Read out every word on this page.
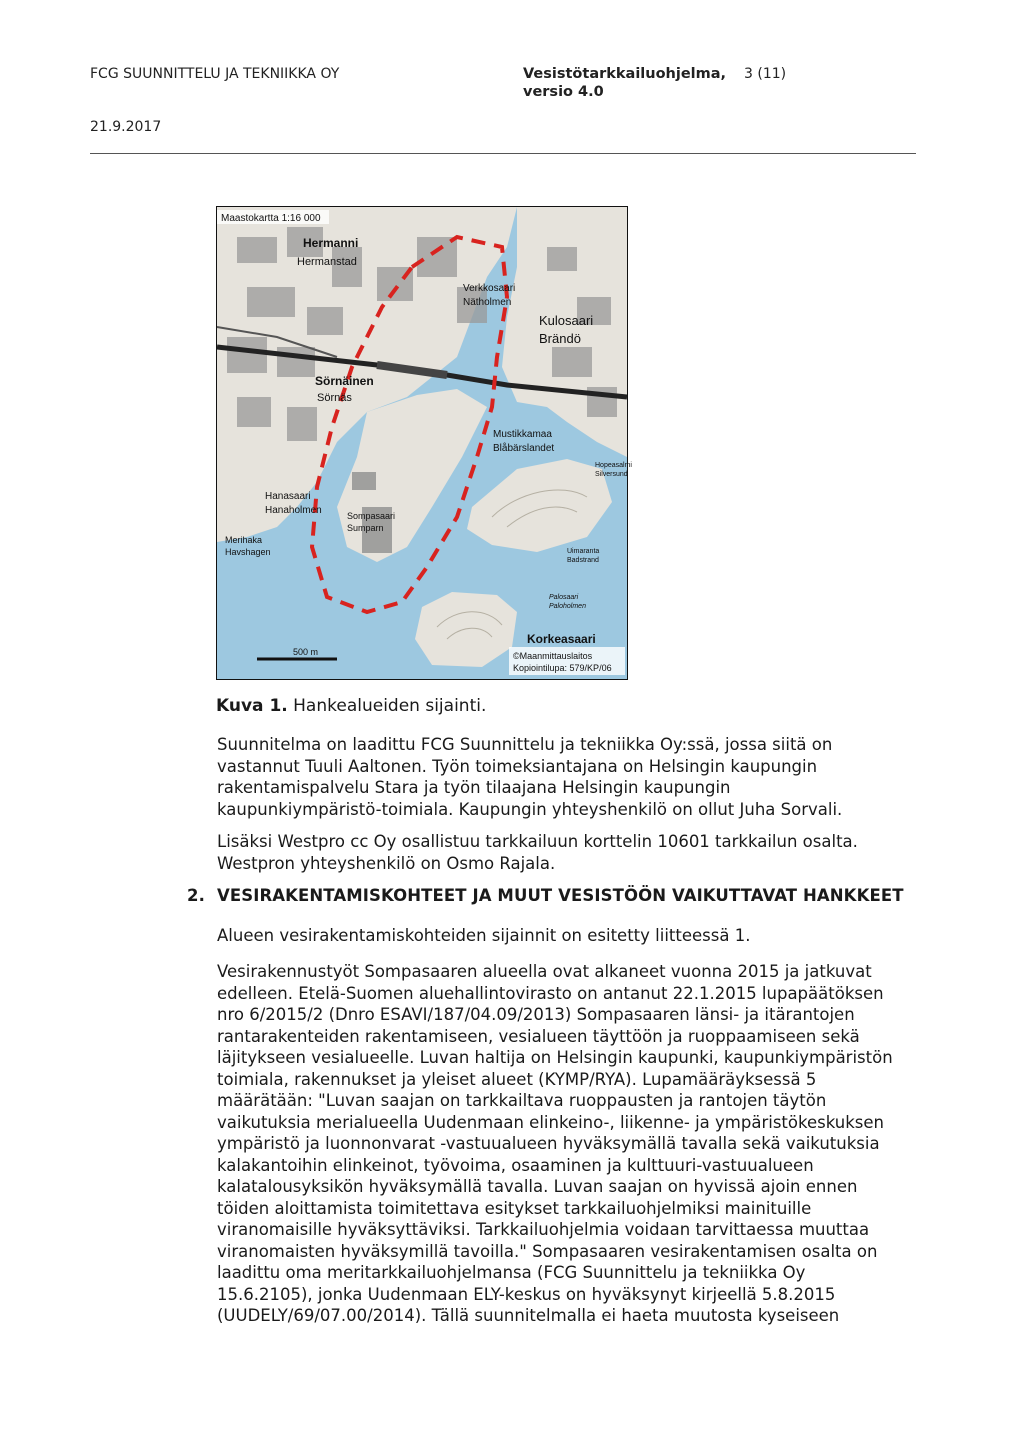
FCG SUUNNITTELU JA TEKNIIKKA OY	Vesistötarkkailuohjelma,
versio 4.0
3 (11)
21.9.2017
Maastokartta 1:16 000
Hermanni
Hermanstad
Verkkosaari
Nätholmen
Kulosaari
Brändö
Sörnäinen
Sörnäs
Mustikkamaa
Blåbärslandet
Hanasaari
Hanaholmen	Sompasaari
Sumparn
Merihaka
Havshagen	Uimaranta
Badstrand
Palosaari
Paloholmen
Hopeasalmi
Silversund
Korkeasaari
©Maanmittauslaitos
Kopiointilupa: 579/KP/06
500 m
Kuva 1. Hankealueiden sijainti.
Suunnitelma on laadittu FCG Suunnittelu ja tekniikka Oy:ssä, jossa siitä on
vastannut Tuuli Aaltonen. Työn toimeksiantajana on Helsingin kaupungin
rakentamispalvelu Stara ja työn tilaajana Helsingin kaupungin
kaupunkiympäristö-toimiala. Kaupungin yhteyshenkilö on ollut Juha Sorvali.
Lisäksi Westpro cc Oy osallistuu tarkkailuun korttelin 10601 tarkkailun osalta.
Westpron yhteyshenkilö on Osmo Rajala.
2. VESIRAKENTAMISKOHTEET JA MUUT VESISTÖÖN VAIKUTTAVAT HANKKEET
Alueen vesirakentamiskohteiden sijainnit on esitetty liitteessä 1.
Vesirakennustyöt Sompasaaren alueella ovat alkaneet vuonna 2015 ja jatkuvat
edelleen. Etelä-Suomen aluehallintovirasto on antanut 22.1.2015 lupapäätöksen
nro 6/2015/2 (Dnro ESAVI/187/04.09/2013) Sompasaaren länsi- ja itärantojen
rantarakenteiden rakentamiseen, vesialueen täyttöön ja ruoppaamiseen sekä
läjitykseen vesialueelle. Luvan haltija on Helsingin kaupunki, kaupunkiympäristön
toimiala, rakennukset ja yleiset alueet (KYMP/RYA). Lupamääräyksessä 5
määrätään: "Luvan saajan on tarkkailtava ruoppausten ja rantojen täytön
vaikutuksia merialueella Uudenmaan elinkeino-, liikenne- ja ympäristökeskuksen
ympäristö ja luonnonvarat -vastuualueen hyväksymällä tavalla sekä vaikutuksia
kalakantoihin elinkeinot, työvoima, osaaminen ja kulttuuri-vastuualueen
kalatalousyksikön hyväksymällä tavalla. Luvan saajan on hyvissä ajoin ennen
töiden aloittamista toimitettava esitykset tarkkailuohjelmiksi mainituille
viranomaisille hyväksyttäviksi. Tarkkailuohjelmia voidaan tarvittaessa muuttaa
viranomaisten hyväksymillä tavoilla." Sompasaaren vesirakentamisen osalta on
laadittu oma meritarkkailuohjelmansa (FCG Suunnittelu ja tekniikka Oy
15.6.2105), jonka Uudenmaan ELY-keskus on hyväksynyt kirjeellä 5.8.2015
(UUDELY/69/07.00/2014). Tällä suunnitelmalla ei haeta muutosta kyseiseen
